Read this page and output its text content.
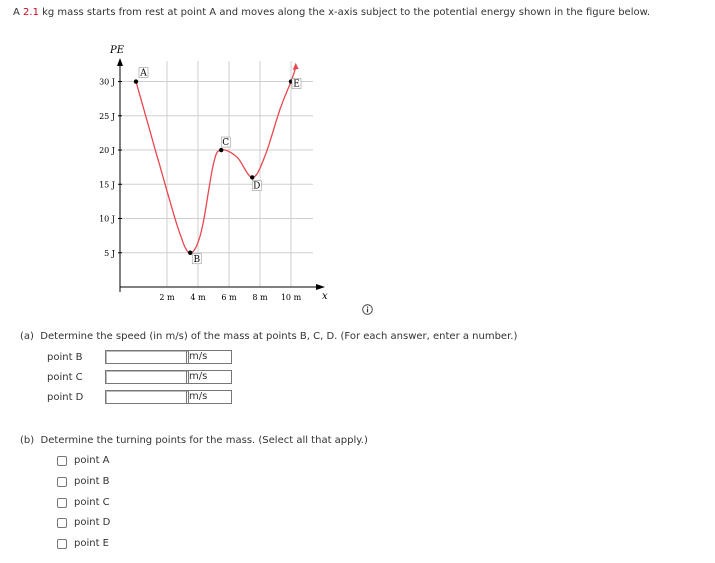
A 2.1 kg mass starts from rest at point A and moves along the x-axis subject to the potential energy shown in the figure below.
PE
x
30 J
25 J
20 J
15 J
10 J
5 J
2 m 4 m 6 m 8 m 10 m
A
B
C
D
E
(a) Determine the speed (in m/s) of the mass at points B, C, D. (For each answer, enter a number.)
point B	m/s
point C	m/s
point D	m/s
(b) Determine the turning points for the mass. (Select all that apply.)
point A
point B
point C
point D
point E
